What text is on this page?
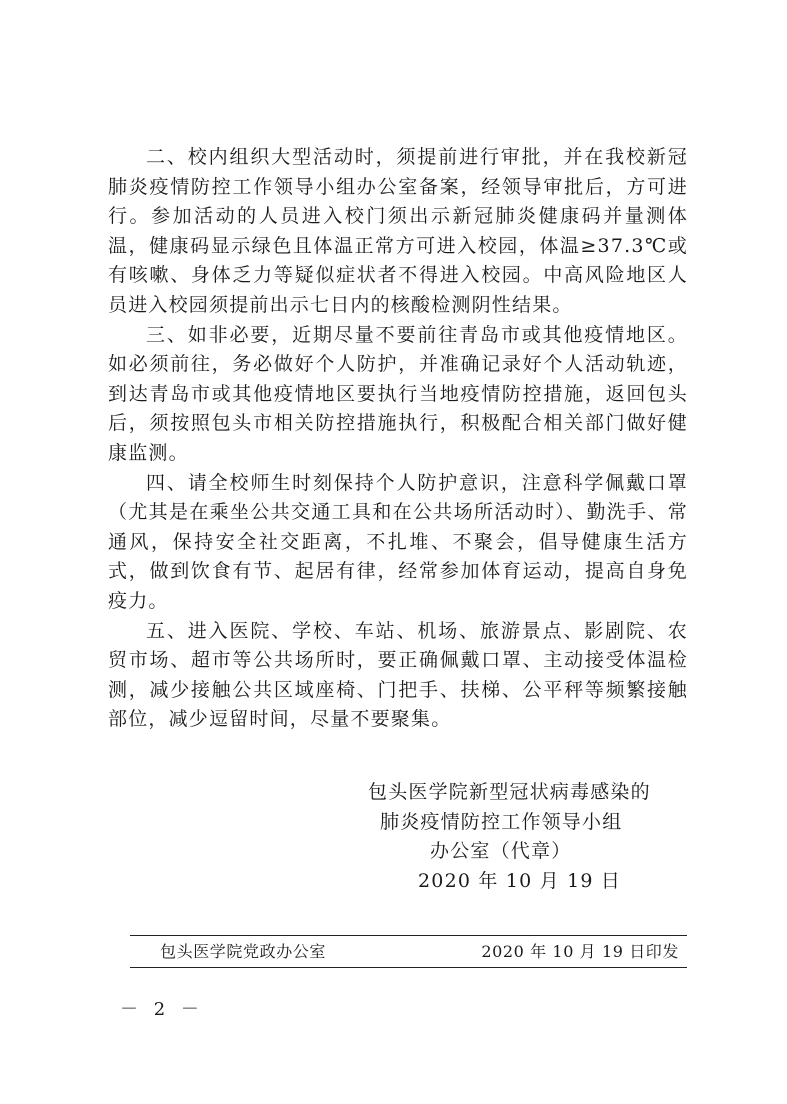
二、校内组织大型活动时，须提前进行审批，并在我校新冠肺炎疫情防控工作领导小组办公室备案，经领导审批后，方可进行。参加活动的人员进入校门须出示新冠肺炎健康码并量测体温，健康码显示绿色且体温正常方可进入校园，体温≥37.3℃或有咳嗽、身体乏力等疑似症状者不得进入校园。中高风险地区人员进入校园须提前出示七日内的核酸检测阴性结果。

三、如非必要，近期尽量不要前往青岛市或其他疫情地区。如必须前往，务必做好个人防护，并准确记录好个人活动轨迹，到达青岛市或其他疫情地区要执行当地疫情防控措施，返回包头后，须按照包头市相关防控措施执行，积极配合相关部门做好健康监测。

四、请全校师生时刻保持个人防护意识，注意科学佩戴口罩（尤其是在乘坐公共交通工具和在公共场所活动时）、勤洗手、常通风，保持安全社交距离，不扎堆、不聚会，倡导健康生活方式，做到饮食有节、起居有律，经常参加体育运动，提高自身免疫力。

五、进入医院、学校、车站、机场、旅游景点、影剧院、农贸市场、超市等公共场所时，要正确佩戴口罩、主动接受体温检测，减少接触公共区域座椅、门把手、扶梯、公平秤等频繁接触部位，减少逗留时间，尽量不要聚集。

包头医学院新型冠状病毒感染的
肺炎疫情防控工作领导小组
办公室（代章）
2020 年 10 月 19 日
包头医学院党政办公室	2020 年 10 月 19 日印发
－ 2 －
